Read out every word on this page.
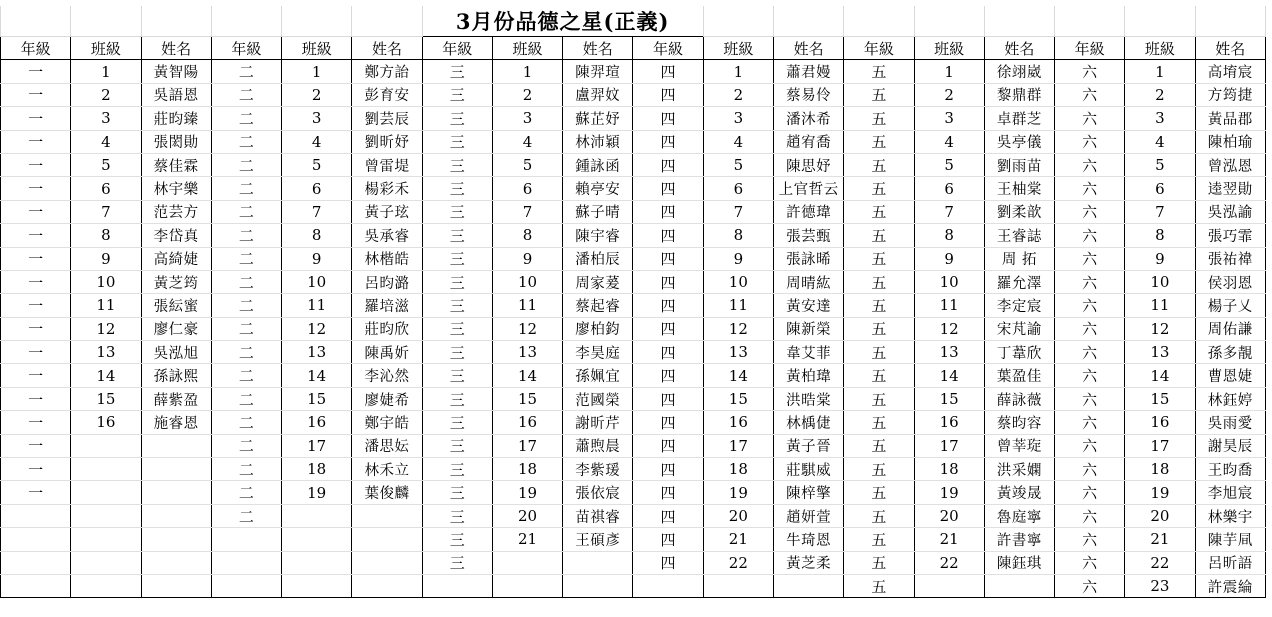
						3月份品德之星(正義)											
年級	班級	姓名	年級	班級	姓名	年級	班級	姓名	年級	班級	姓名	年級	班級	姓名	年級	班級	姓名
一	1	黃智陽	二	1	鄭方詒	三	1	陳羿瑄	四	1	蕭君嫚	五	1	徐翊崴	六	1	高堉宸
一	2	吳語恩	二	2	彭育安	三	2	盧羿妏	四	2	蔡易伶	五	2	黎鼎群	六	2	方筠捷
一	3	莊昀臻	二	3	劉芸辰	三	3	蘇芷妤	四	3	潘沐希	五	3	卓群芝	六	3	黃品郡
一	4	張閎勛	二	4	劉昕妤	三	4	林沛穎	四	4	趙宥喬	五	4	吳亭儀	六	4	陳柏瑜
一	5	蔡佳霖	二	5	曾雷堤	三	5	鍾詠函	四	5	陳思妤	五	5	劉雨苗	六	5	曾泓恩
一	6	林宇樂	二	6	楊彩禾	三	6	賴亭安	四	6	上官哲云	五	6	王柚棠	六	6	逵翌勛
一	7	范芸方	二	7	黃子玹	三	7	蘇子晴	四	7	許德瑋	五	7	劉柔歆	六	7	吳泓諭
一	8	李岱真	二	8	吳承睿	三	8	陳宇睿	四	8	張芸甄	五	8	王睿誌	六	8	張巧霏
一	9	高綺婕	二	9	林楷皓	三	9	潘柏辰	四	9	張詠晞	五	9	周 拓	六	9	張祐禕
一	10	黃芝筠	二	10	呂昀潞	三	10	周家萲	四	10	周晴紘	五	10	羅允澤	六	10	侯羽恩
一	11	張紜蜜	二	11	羅培滋	三	11	蔡起睿	四	11	黃安達	五	11	李定宸	六	11	楊子乂
一	12	廖仁豪	二	12	莊昀欣	三	12	廖柏鈞	四	12	陳新榮	五	12	宋芃諭	六	12	周佑謙
一	13	吳泓旭	二	13	陳禹妡	三	13	李昊庭	四	13	韋艾菲	五	13	丁葦欣	六	13	孫多靚
一	14	孫詠熙	二	14	李沁然	三	14	孫姵宜	四	14	黃柏瑋	五	14	葉盈佳	六	14	曹恩婕
一	15	薛紫盈	二	15	廖婕希	三	15	范國榮	四	15	洪晧棠	五	15	薛詠薇	六	15	林鈺婷
一	16	施睿恩	二	16	鄭宇皓	三	16	謝昕芹	四	16	林楀倢	五	16	蔡昀容	六	16	吳雨愛
一			二	17	潘思妘	三	17	蕭煦晨	四	17	黃子晉	五	17	曾莘琁	六	17	謝昊辰
一			二	18	林禾立	三	18	李紫瑗	四	18	莊騏威	五	18	洪采嫻	六	18	王昀喬
一			二	19	葉俊麟	三	19	張依宸	四	19	陳梓擎	五	19	黃竣晟	六	19	李旭宸
			二			三	20	苗祺睿	四	20	趙妍萱	五	20	魯庭寧	六	20	林樂宇
						三	21	王碩彥	四	21	牛琦恩	五	21	許書寧	六	21	陳芋凬
						三			四	22	黃芝柔	五	22	陳鈺琪	六	22	呂昕語
												五			六	23	許震綸
